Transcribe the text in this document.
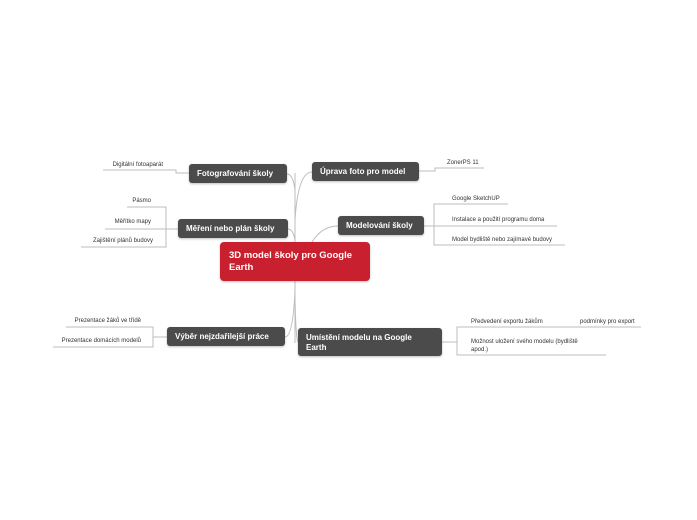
3D model školy pro Google Earth
Úprava foto pro model
Fotografování školy
Měření nebo plán školy	Modelování školy
Výběr nejzdařilejší práce	Umístění modelu na Google Earth
ZonerPS 11
Digitální fotoaparát
Pásmo
Měřítko mapy
Zajištění plánů budovy
Google SketchUP
Instalace a použití programu doma
Model bydliště nebo zajímavé budovy
Prezentace žáků ve třídě
Prezentace domácích modelů
Předvedení exportu žákům	podmínky pro export
Možnost uložení svého modelu (bydliště apod.)
